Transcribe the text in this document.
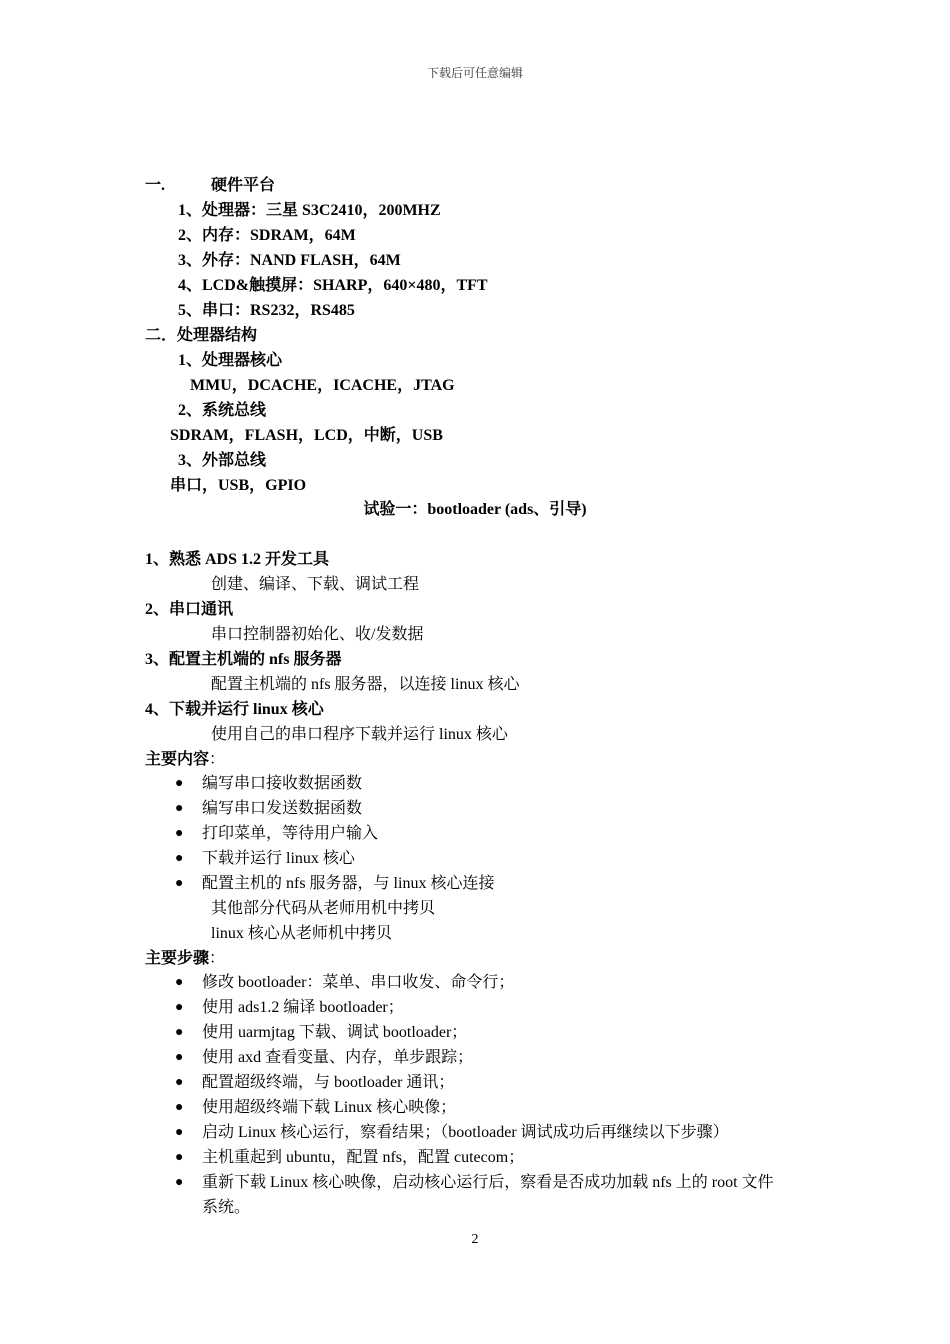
下载后可任意编辑
一.	硬件平台
1、处理器：三星 S3C2410，200MHZ
2、内存：SDRAM，64M
3、外存：NAND FLASH，64M
4、LCD&触摸屏：SHARP，640×480，TFT
5、串口：RS232，RS485
二．处理器结构
1、处理器核心
MMU，DCACHE，ICACHE，JTAG
2、系统总线
SDRAM，FLASH，LCD，中断，USB
3、外部总线
串口，USB，GPIO
试验一：bootloader (ads、引导)
1、熟悉 ADS 1.2 开发工具
创建、编译、下载、调试工程
2、串口通讯
串口控制器初始化、收/发数据
3、配置主机端的 nfs 服务器
配置主机端的 nfs 服务器，以连接 linux 核心
4、下载并运行 linux 核心
使用自己的串口程序下载并运行 linux 核心
主要内容：
● 编写串口接收数据函数
● 编写串口发送数据函数
● 打印菜单，等待用户输入
● 下载并运行 linux 核心
● 配置主机的 nfs 服务器，与 linux 核心连接
其他部分代码从老师用机中拷贝
linux 核心从老师机中拷贝
主要步骤：
● 修改 bootloader：菜单、串口收发、命令行；
● 使用 ads1.2 编译 bootloader；
● 使用 uarmjtag 下载、调试 bootloader；
● 使用 axd 查看变量、内存，单步跟踪；
● 配置超级终端，与 bootloader 通讯；
● 使用超级终端下载 Linux 核心映像；
● 启动 Linux 核心运行，察看结果；（bootloader 调试成功后再继续以下步骤）
● 主机重起到 ubuntu，配置 nfs，配置 cutecom；
● 重新下载 Linux 核心映像，启动核心运行后，察看是否成功加载 nfs 上的 root 文件
系统。
2
